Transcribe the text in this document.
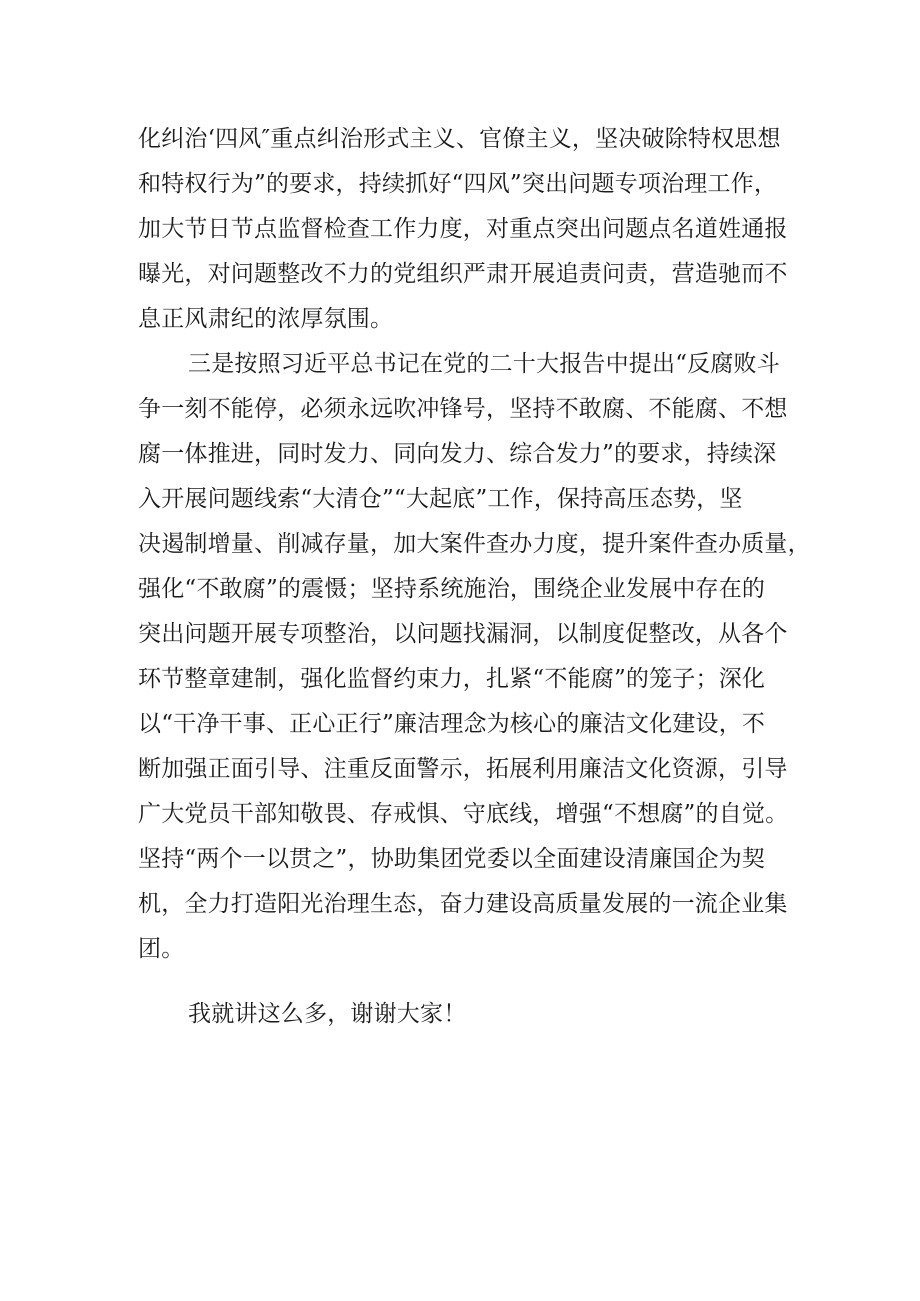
化纠治‘四风″重点纠治形式主义、官僚主义，坚决破除特权思想
和特权行为”的要求，持续抓好“四风”突出问题专项治理工作，
加大节日节点监督检查工作力度，对重点突出问题点名道姓通报
曝光，对问题整改不力的党组织严肃开展追责问责，营造驰而不
息正风肃纪的浓厚氛围。
三是按照习近平总书记在党的二十大报告中提出“反腐败斗
争一刻不能停，必须永远吹冲锋号，坚持不敢腐、不能腐、不想
腐一体推进，同时发力、同向发力、综合发力”的要求，持续深
入开展问题线索“大清仓”“大起底”工作，保持高压态势，坚
决遏制增量、削减存量，加大案件查办力度，提升案件查办质量，
强化“不敢腐”的震慑；坚持系统施治，围绕企业发展中存在的
突出问题开展专项整治，以问题找漏洞，以制度促整改，从各个
环节整章建制，强化监督约束力，扎紧“不能腐”的笼子；深化
以“干净干事、正心正行”廉洁理念为核心的廉洁文化建设，不
断加强正面引导、注重反面警示，拓展利用廉洁文化资源，引导
广大党员干部知敬畏、存戒惧、守底线，增强“不想腐”的自觉。
坚持“两个一以贯之”，协助集团党委以全面建设清廉国企为契
机，全力打造阳光治理生态，奋力建设高质量发展的一流企业集
团。
我就讲这么多，谢谢大家！
